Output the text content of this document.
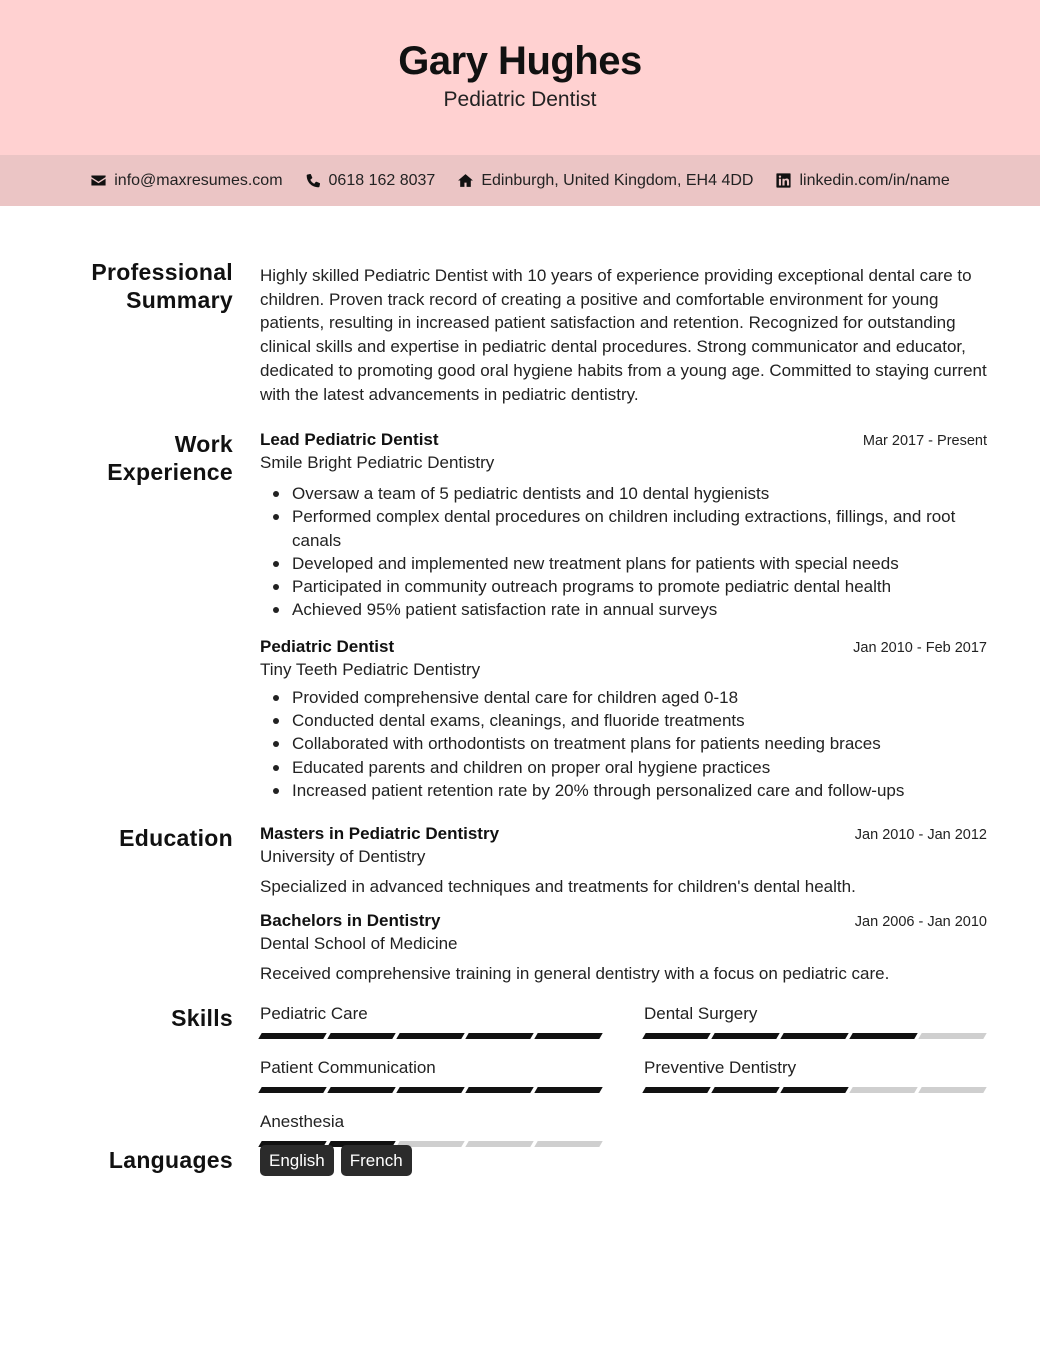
Gary Hughes
Pediatric Dentist
info@maxresumes.com	0618 162 8037	Edinburgh, United Kingdom, EH4 4DD	linkedin.com/in/name
Professional
Summary

Highly skilled Pediatric Dentist with 10 years of experience providing exceptional dental care to children. Proven track record of creating a positive and comfortable environment for young patients, resulting in increased patient satisfaction and retention. Recognized for outstanding clinical skills and expertise in pediatric dental procedures. Strong communicator and educator, dedicated to promoting good oral hygiene habits from a young age. Committed to staying current with the latest advancements in pediatric dentistry.

Work
Experience
Lead Pediatric Dentist	Mar 2017 - Present
Smile Bright Pediatric Dentistry
Oversaw a team of 5 pediatric dentists and 10 dental hygienists
Performed complex dental procedures on children including extractions, fillings, and root canals
Developed and implemented new treatment plans for patients with special needs
Participated in community outreach programs to promote pediatric dental health
Achieved 95% patient satisfaction rate in annual surveys
Pediatric Dentist	Jan 2010 - Feb 2017
Tiny Teeth Pediatric Dentistry
Provided comprehensive dental care for children aged 0-18
Conducted dental exams, cleanings, and fluoride treatments
Collaborated with orthodontists on treatment plans for patients needing braces
Educated parents and children on proper oral hygiene practices
Increased patient retention rate by 20% through personalized care and follow-ups
Education Masters in Pediatric Dentistry	Jan 2010 - Jan 2012
University of Dentistry
Specialized in advanced techniques and treatments for children's dental health.
Bachelors in Dentistry	Jan 2006 - Jan 2010
Dental School of Medicine
Received comprehensive training in general dentistry with a focus on pediatric care.
Skills Pediatric Care	Dental Surgery
Patient Communication	Preventive Dentistry
Anesthesia
Languages	English	French
